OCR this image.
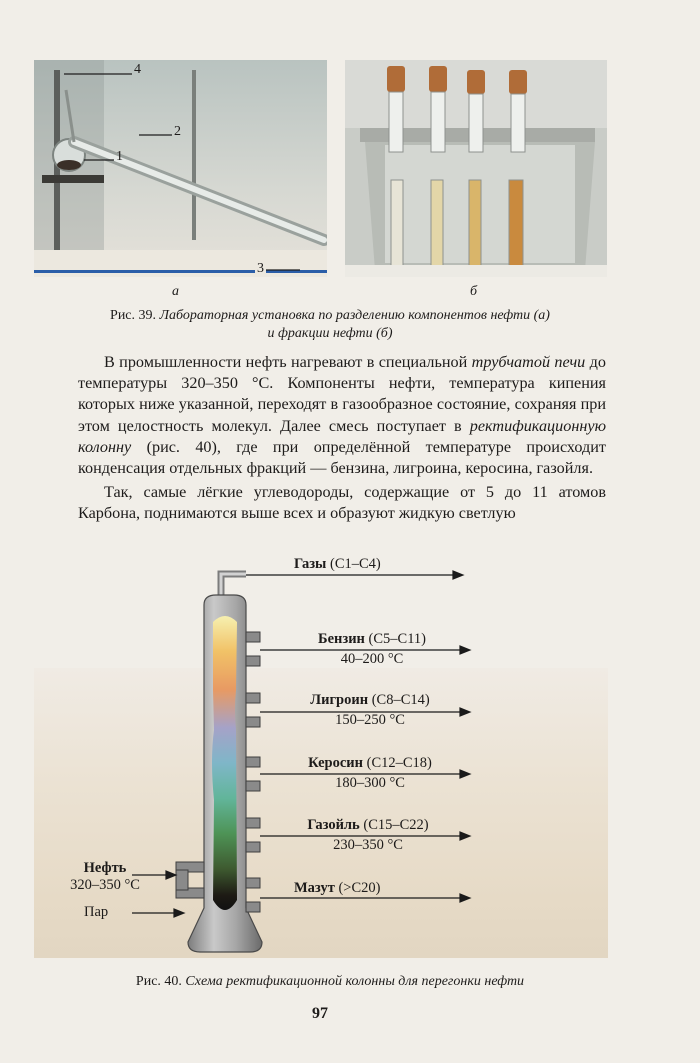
4
2
1
3
а	б
Рис. 39. Лабораторная установка по разделению компонентов нефти (а)
и фракции нефти (б)

В промышленности нефть нагревают в специальной трубчатой печи до температуры 320–350 °С. Компоненты нефти, температура кипения которых ниже указанной, переходят в газообразное состояние, сохраняя при этом целостность молекул. Далее смесь поступает в ректификационную колонну (рис. 40), где при определённой температуре происходит конденсация отдельных фракций — бензина, лигроина, керосина, газойля.

Так, самые лёгкие углеводороды, содержащие от 5 до 11 атомов Карбона, поднимаются выше всех и образуют жидкую светлую

Газы (С1–С4)
Бензин (С5–С11)
40–200 °С
Лигроин (С8–С14)
150–250 °С
Керосин (С12–С18)
180–300 °С
Газойль (С15–С22)
230–350 °С
Мазут (>С20)
Нефть
320–350 °С
Пар
Рис. 40. Схема ректификационной колонны для перегонки нефти
97
